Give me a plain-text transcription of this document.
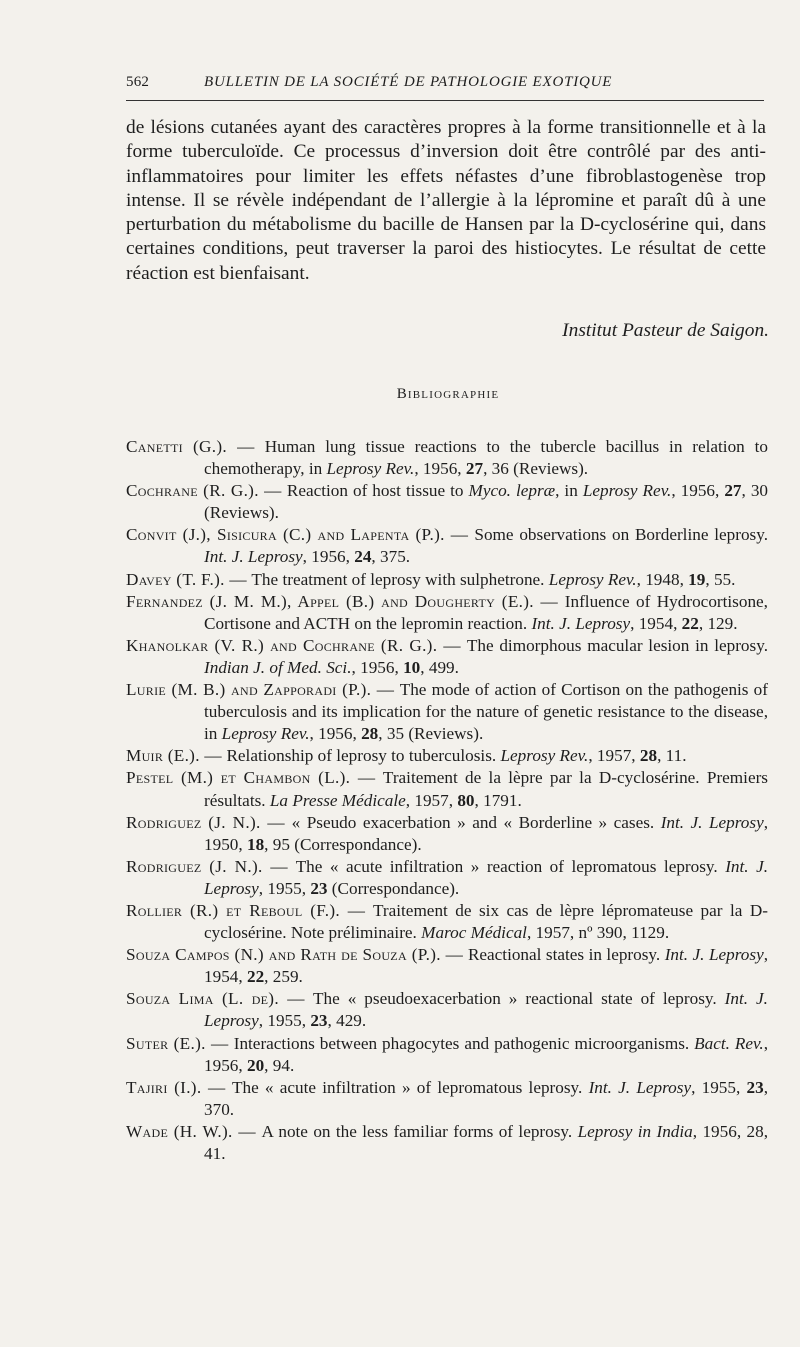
562	BULLETIN DE LA SOCIÉTÉ DE PATHOLOGIE EXOTIQUE

de lésions cutanées ayant des caractères propres à la forme transitionnelle et à la forme tuberculoïde. Ce processus d’inversion doit être contrôlé par des anti-inflammatoires pour limiter les effets néfastes d’une fibroblastogenèse trop intense. Il se révèle indépendant de l’allergie à la lépromine et paraît dû à une perturbation du métabolisme du bacille de Hansen par la D-cyclosérine qui, dans certaines conditions, peut traverser la paroi des histiocytes. Le résultat de cette réaction est bienfaisant.

Institut Pasteur de Saigon.
Bibliographie

Canetti (G.). — Human lung tissue reactions to the tubercle bacillus in relation to chemotherapy, in Leprosy Rev., 1956, 27, 36 (Reviews).

Cochrane (R. G.). — Reaction of host tissue to Myco. lepræ, in Leprosy Rev., 1956, 27, 30 (Reviews).

Convit (J.), Sisicura (C.) and Lapenta (P.). — Some observations on Borderline leprosy. Int. J. Leprosy, 1956, 24, 375.

Davey (T. F.). — The treatment of leprosy with sulphetrone. Leprosy Rev., 1948, 19, 55.

Fernandez (J. M. M.), Appel (B.) and Dougherty (E.). — Influence of Hydrocortisone, Cortisone and ACTH on the lepromin reaction. Int. J. Leprosy, 1954, 22, 129.

Khanolkar (V. R.) and Cochrane (R. G.). — The dimorphous macular lesion in leprosy. Indian J. of Med. Sci., 1956, 10, 499.

Lurie (M. B.) and Zapporadi (P.). — The mode of action of Cortison on the pathogenis of tuberculosis and its implication for the nature of genetic resistance to the disease, in Leprosy Rev., 1956, 28, 35 (Reviews).

Muir (E.). — Relationship of leprosy to tuberculosis. Leprosy Rev., 1957, 28, 11.

Pestel (M.) et Chambon (L.). — Traitement de la lèpre par la D-cyclosérine. Premiers résultats. La Presse Médicale, 1957, 80, 1791.

Rodriguez (J. N.). — « Pseudo exacerbation » and « Borderline » cases. Int. J. Leprosy, 1950, 18, 95 (Correspondance).

Rodriguez (J. N.). — The « acute infiltration » reaction of lepromatous leprosy. Int. J. Leprosy, 1955, 23 (Correspondance).

Rollier (R.) et Reboul (F.). — Traitement de six cas de lèpre lépromateuse par la D-cyclosérine. Note préliminaire. Maroc Médical, 1957, nº 390, 1129.

Souza Campos (N.) and Rath de Souza (P.). — Reactional states in leprosy. Int. J. Leprosy, 1954, 22, 259.

Souza Lima (L. de). — The « pseudoexacerbation » reactional state of leprosy. Int. J. Leprosy, 1955, 23, 429.

Suter (E.). — Interactions between phagocytes and pathogenic microorganisms. Bact. Rev., 1956, 20, 94.

Tajiri (I.). — The « acute infiltration » of lepromatous leprosy. Int. J. Leprosy, 1955, 23, 370.

Wade (H. W.). — A note on the less familiar forms of leprosy. Leprosy in India, 1956, 28, 41.
